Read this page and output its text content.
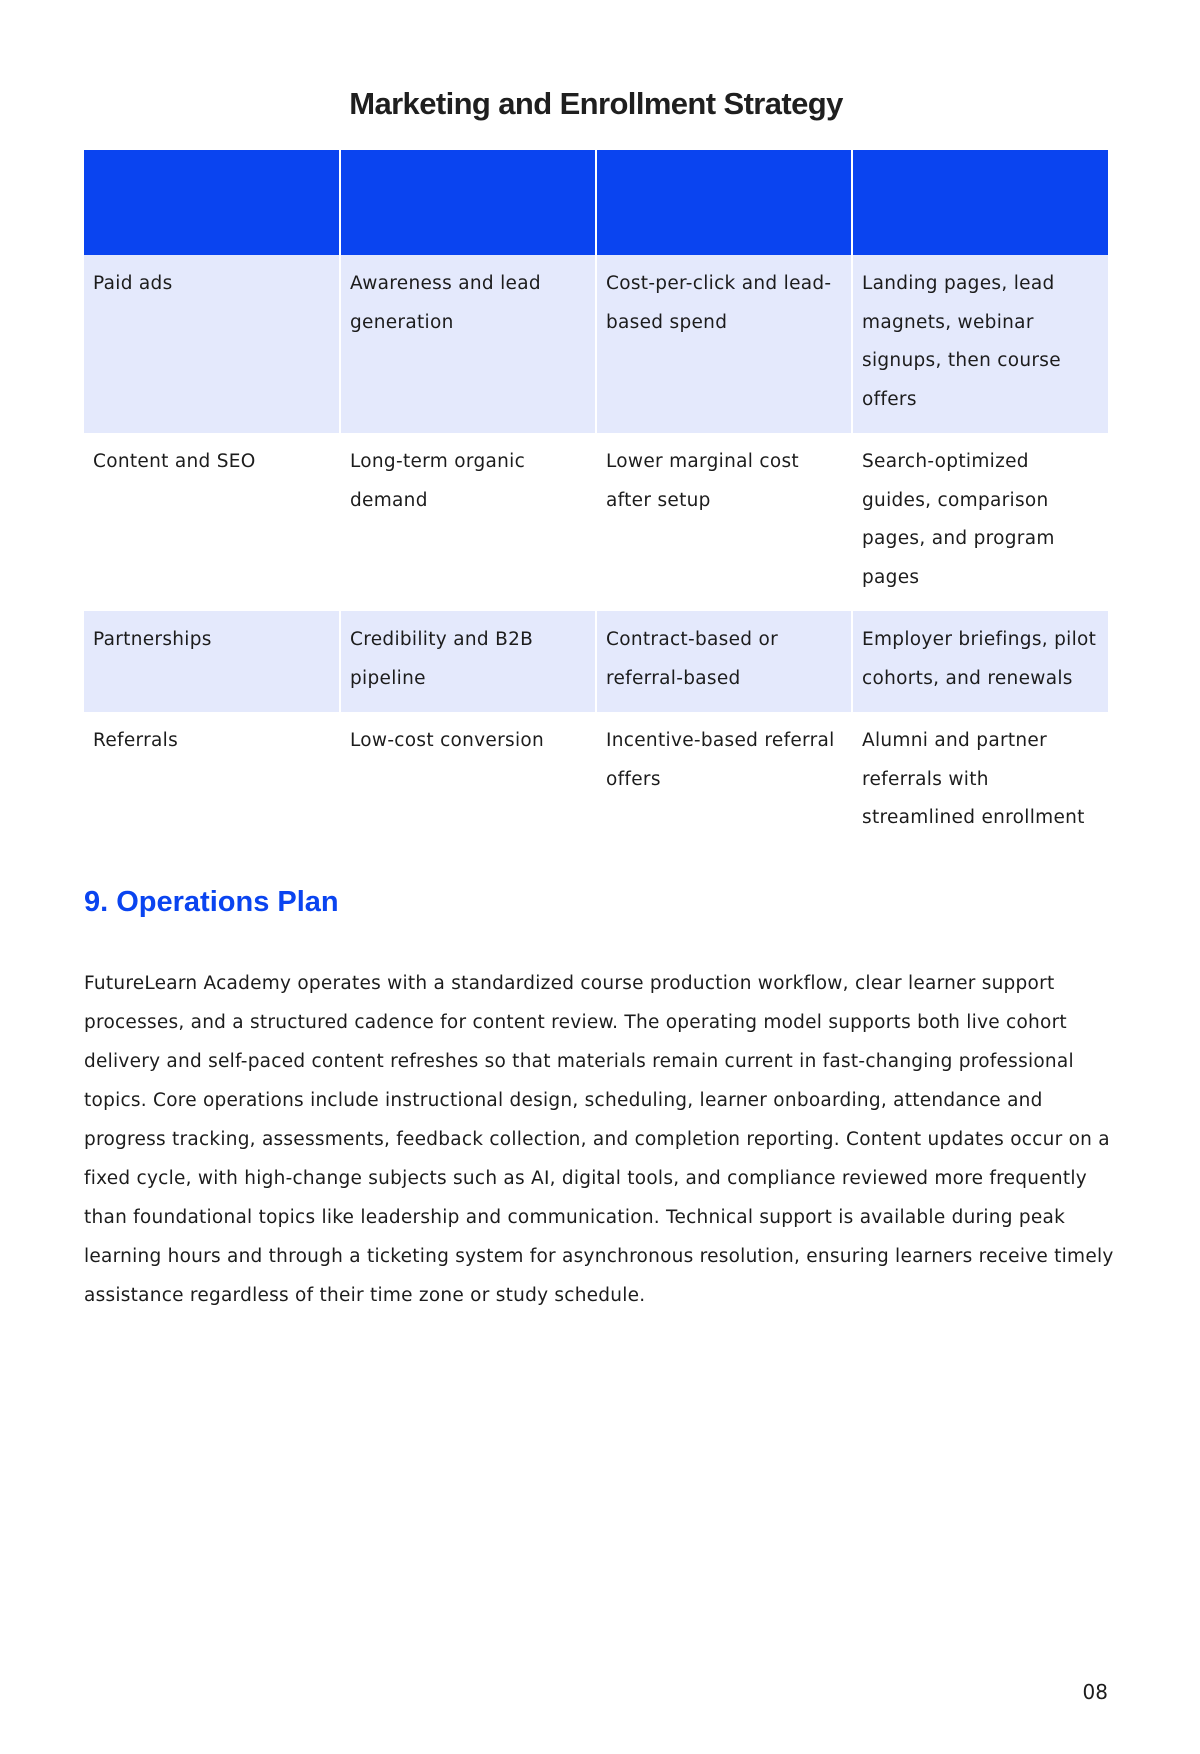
Marketing and Enrollment Strategy

Paid ads	Awareness and lead generation	Cost-per-click and lead-based spend	Landing pages, lead magnets, webinar signups, then course offers
Content and SEO	Long-term organic demand	Lower marginal cost after setup	Search-optimized guides, comparison pages, and program pages
Partnerships	Credibility and B2B pipeline	Contract-based or referral-based	Employer briefings, pilot cohorts, and renewals
Referrals	Low-cost conversion	Incentive-based referral offers	Alumni and partner referrals with streamlined enrollment
9. Operations Plan

FutureLearn Academy operates with a standardized course production workflow, clear learner support processes, and a structured cadence for content review. The operating model supports both live cohort delivery and self-paced content refreshes so that materials remain current in fast-changing professional topics. Core operations include instructional design, scheduling, learner onboarding, attendance and progress tracking, assessments, feedback collection, and completion reporting. Content updates occur on a fixed cycle, with high-change subjects such as AI, digital tools, and compliance reviewed more frequently than foundational topics like leadership and communication. Technical support is available during peak learning hours and through a ticketing system for asynchronous resolution, ensuring learners receive timely assistance regardless of their time zone or study schedule.

08
